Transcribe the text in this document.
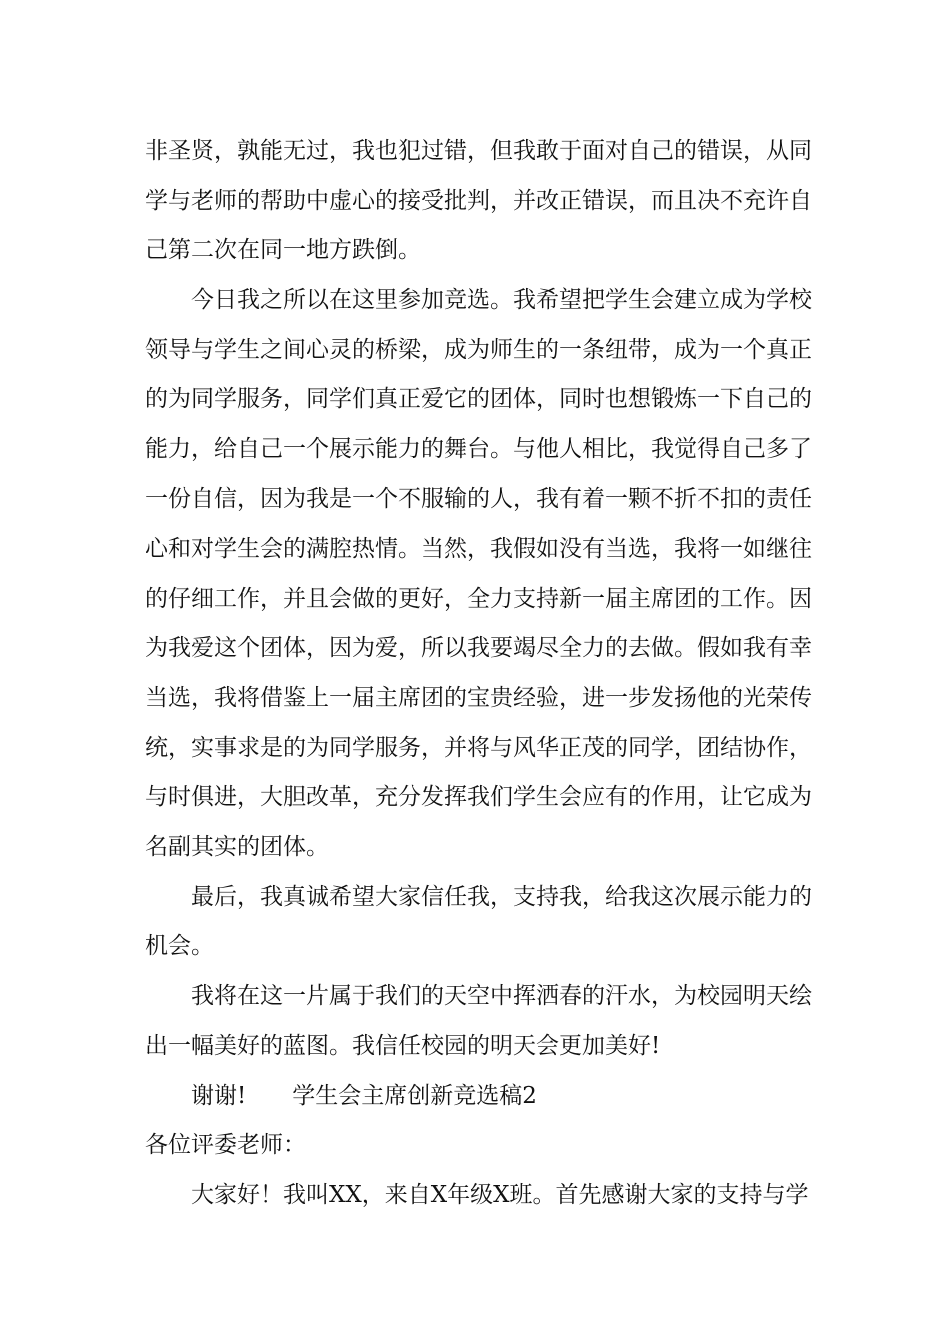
非圣贤，孰能无过，我也犯过错，但我敢于面对自己的错误，从同
学与老师的帮助中虚心的接受批判，并改正错误，而且决不充许自
己第二次在同一地方跌倒。
今日我之所以在这里参加竞选。我希望把学生会建立成为学校
领导与学生之间心灵的桥梁，成为师生的一条纽带，成为一个真正
的为同学服务，同学们真正爱它的团体，同时也想锻炼一下自己的
能力，给自己一个展示能力的舞台。与他人相比，我觉得自己多了
一份自信，因为我是一个不服输的人，我有着一颗不折不扣的责任
心和对学生会的满腔热情。当然，我假如没有当选，我将一如继往
的仔细工作，并且会做的更好，全力支持新一届主席团的工作。因
为我爱这个团体，因为爱，所以我要竭尽全力的去做。假如我有幸
当选，我将借鉴上一届主席团的宝贵经验，进一步发扬他的光荣传
统，实事求是的为同学服务，并将与风华正茂的同学，团结协作，
与时俱进，大胆改革，充分发挥我们学生会应有的作用，让它成为
名副其实的团体。
最后，我真诚希望大家信任我，支持我，给我这次展示能力的
机会。
我将在这一片属于我们的天空中挥洒春的汗水，为校园明天绘
出一幅美好的蓝图。我信任校园的明天会更加美好!
谢谢!　　学生会主席创新竞选稿2
各位评委老师：
大家好！我叫XX，来自X年级X班。首先感谢大家的支持与学
